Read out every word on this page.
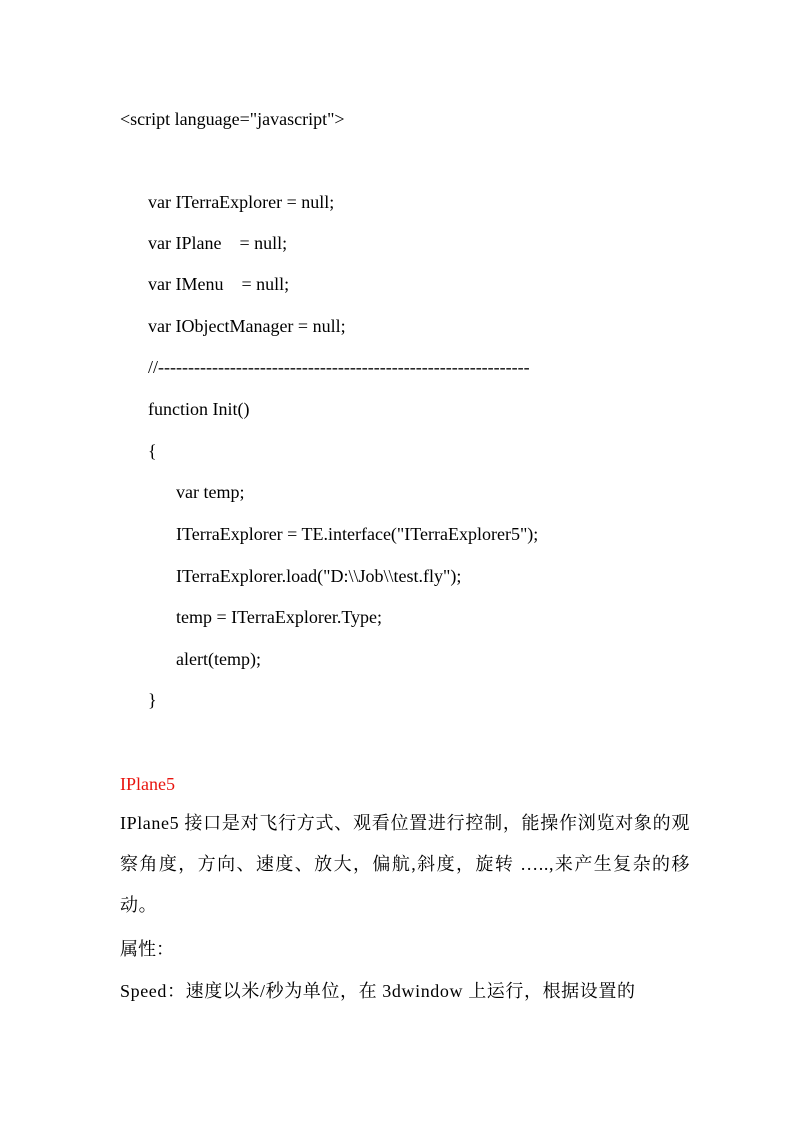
<script language="javascript">
var ITerraExplorer = null;
var IPlane    = null;
var IMenu    = null;
var IObjectManager = null;
//--------------------------------------------------------------
function Init()
{
var temp;
ITerraExplorer = TE.interface("ITerraExplorer5");
ITerraExplorer.load("D:\\Job\\test.fly");
temp = ITerraExplorer.Type;
alert(temp);
}
IPlane5
IPlane5 接口是对飞行方式、观看位置进行控制，能操作浏览对象的观察角度，方向、速度、放大，偏航,斜度，旋转 …..,来产生复杂的移动。
属性：
Speed：速度以米/秒为单位，在 3dwindow 上运行，根据设置的
